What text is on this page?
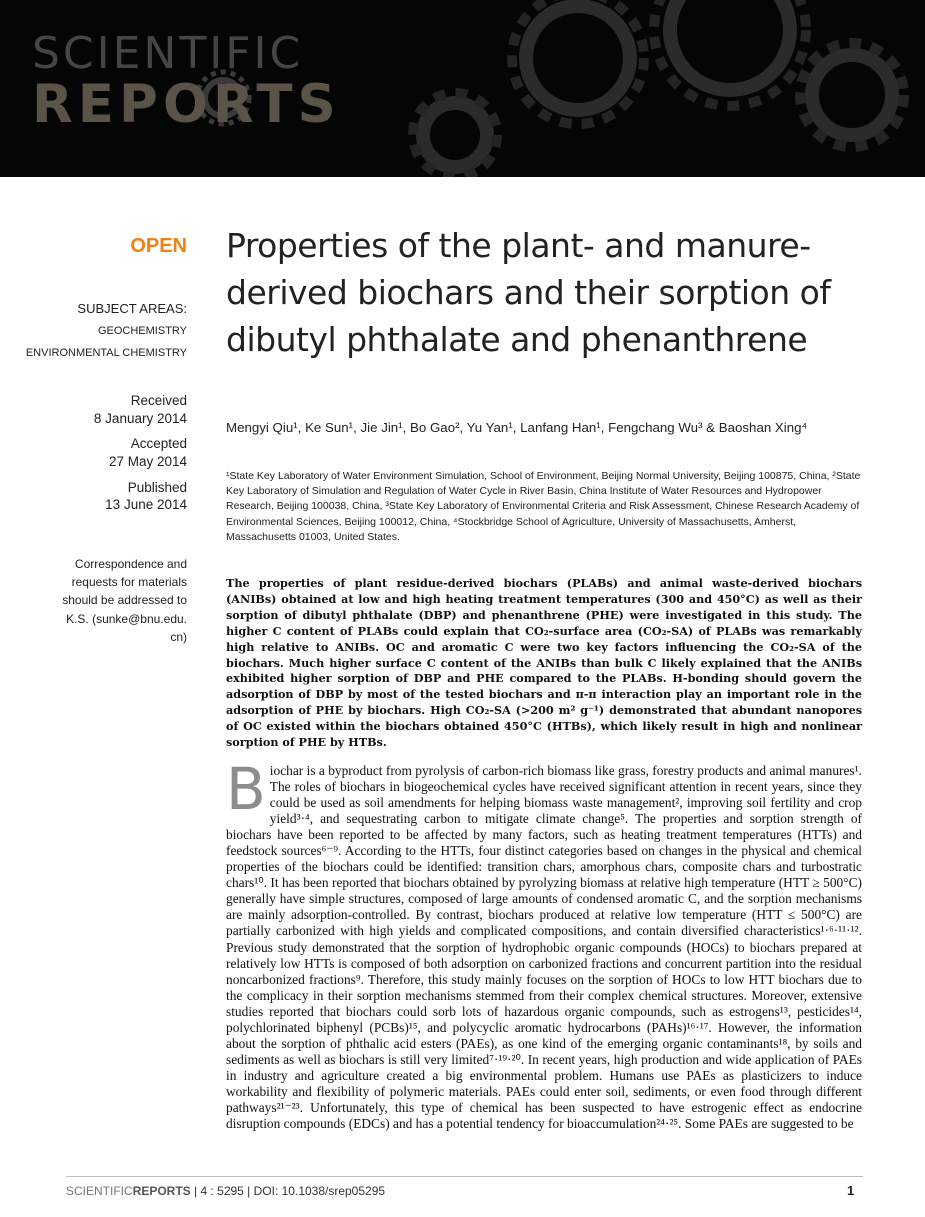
SCIENTIFIC
REPORTS
OPEN
SUBJECT AREAS:
GEOCHEMISTRY
ENVIRONMENTAL CHEMISTRY
Received
8 January 2014
Accepted
27 May 2014
Published
13 June 2014
Correspondence and
requests for materials
should be addressed to
K.S. (sunke@bnu.edu.
cn)
Properties of the plant- and manure-derived biochars and their sorption of dibutyl phthalate and phenanthrene
Mengyi Qiu¹, Ke Sun¹, Jie Jin¹, Bo Gao², Yu Yan¹, Lanfang Han¹, Fengchang Wu³ & Baoshan Xing⁴
¹State Key Laboratory of Water Environment Simulation, School of Environment, Beijing Normal University, Beijing 100875, China, ²State Key Laboratory of Simulation and Regulation of Water Cycle in River Basin, China Institute of Water Resources and Hydropower Research, Beijing 100038, China, ³State Key Laboratory of Environmental Criteria and Risk Assessment, Chinese Research Academy of Environmental Sciences, Beijing 100012, China, ⁴Stockbridge School of Agriculture, University of Massachusetts, Amherst, Massachusetts 01003, United States.
The properties of plant residue-derived biochars (PLABs) and animal waste-derived biochars (ANIBs) obtained at low and high heating treatment temperatures (300 and 450°C) as well as their sorption of dibutyl phthalate (DBP) and phenanthrene (PHE) were investigated in this study. The higher C content of PLABs could explain that CO₂-surface area (CO₂-SA) of PLABs was remarkably high relative to ANIBs. OC and aromatic C were two key factors influencing the CO₂-SA of the biochars. Much higher surface C content of the ANIBs than bulk C likely explained that the ANIBs exhibited higher sorption of DBP and PHE compared to the PLABs. H-bonding should govern the adsorption of DBP by most of the tested biochars and π-π interaction play an important role in the adsorption of PHE by biochars. High CO₂-SA (>200 m² g⁻¹) demonstrated that abundant nanopores of OC existed within the biochars obtained 450°C (HTBs), which likely result in high and nonlinear sorption of PHE by HTBs.
B iochar is a byproduct from pyrolysis of carbon-rich biomass like grass, forestry products and animal manures¹. The roles of biochars in biogeochemical cycles have received significant attention in recent years, since they could be used as soil amendments for helping biomass waste management², improving soil fertility and crop yield³·⁴, and sequestrating carbon to mitigate climate change⁵. The properties and sorption strength of biochars have been reported to be affected by many factors, such as heating treatment temperatures (HTTs) and feedstock sources⁶⁻⁹. According to the HTTs, four distinct categories based on changes in the physical and chemical properties of the biochars could be identified: transition chars, amorphous chars, composite chars and turbostratic chars¹⁰. It has been reported that biochars obtained by pyrolyzing biomass at relative high temperature (HTT ≥ 500°C) generally have simple structures, composed of large amounts of condensed aromatic C, and the sorption mechanisms are mainly adsorption-controlled. By contrast, biochars produced at relative low temperature (HTT ≤ 500°C) are partially carbonized with high yields and complicated compositions, and contain diversified characteristics¹·⁶·¹¹·¹². Previous study demonstrated that the sorption of hydrophobic organic compounds (HOCs) to biochars prepared at relatively low HTTs is composed of both adsorption on carbonized fractions and concurrent partition into the residual noncarbonized fractions⁹. Therefore, this study mainly focuses on the sorption of HOCs to low HTT biochars due to the complicacy in their sorption mechanisms stemmed from their complex chemical structures. Moreover, extensive studies reported that biochars could sorb lots of hazardous organic compounds, such as estrogens¹³, pesticides¹⁴, polychlorinated biphenyl (PCBs)¹⁵, and polycyclic aromatic hydrocarbons (PAHs)¹⁶·¹⁷. However, the information about the sorption of phthalic acid esters (PAEs), as one kind of the emerging organic contaminants¹⁸, by soils and sediments as well as biochars is still very limited⁷·¹⁹·²⁰. In recent years, high production and wide application of PAEs in industry and agriculture created a big environmental problem. Humans use PAEs as plasticizers to induce workability and flexibility of polymeric materials. PAEs could enter soil, sediments, or even food through different pathways²¹⁻²³. Unfortunately, this type of chemical has been suspected to have estrogenic effect as endocrine disruption compounds (EDCs) and has a potential tendency for bioaccumulation²⁴·²⁵. Some PAEs are suggested to be
SCIENTIFICREPORTS | 4 : 5295 | DOI: 10.1038/srep05295	1
